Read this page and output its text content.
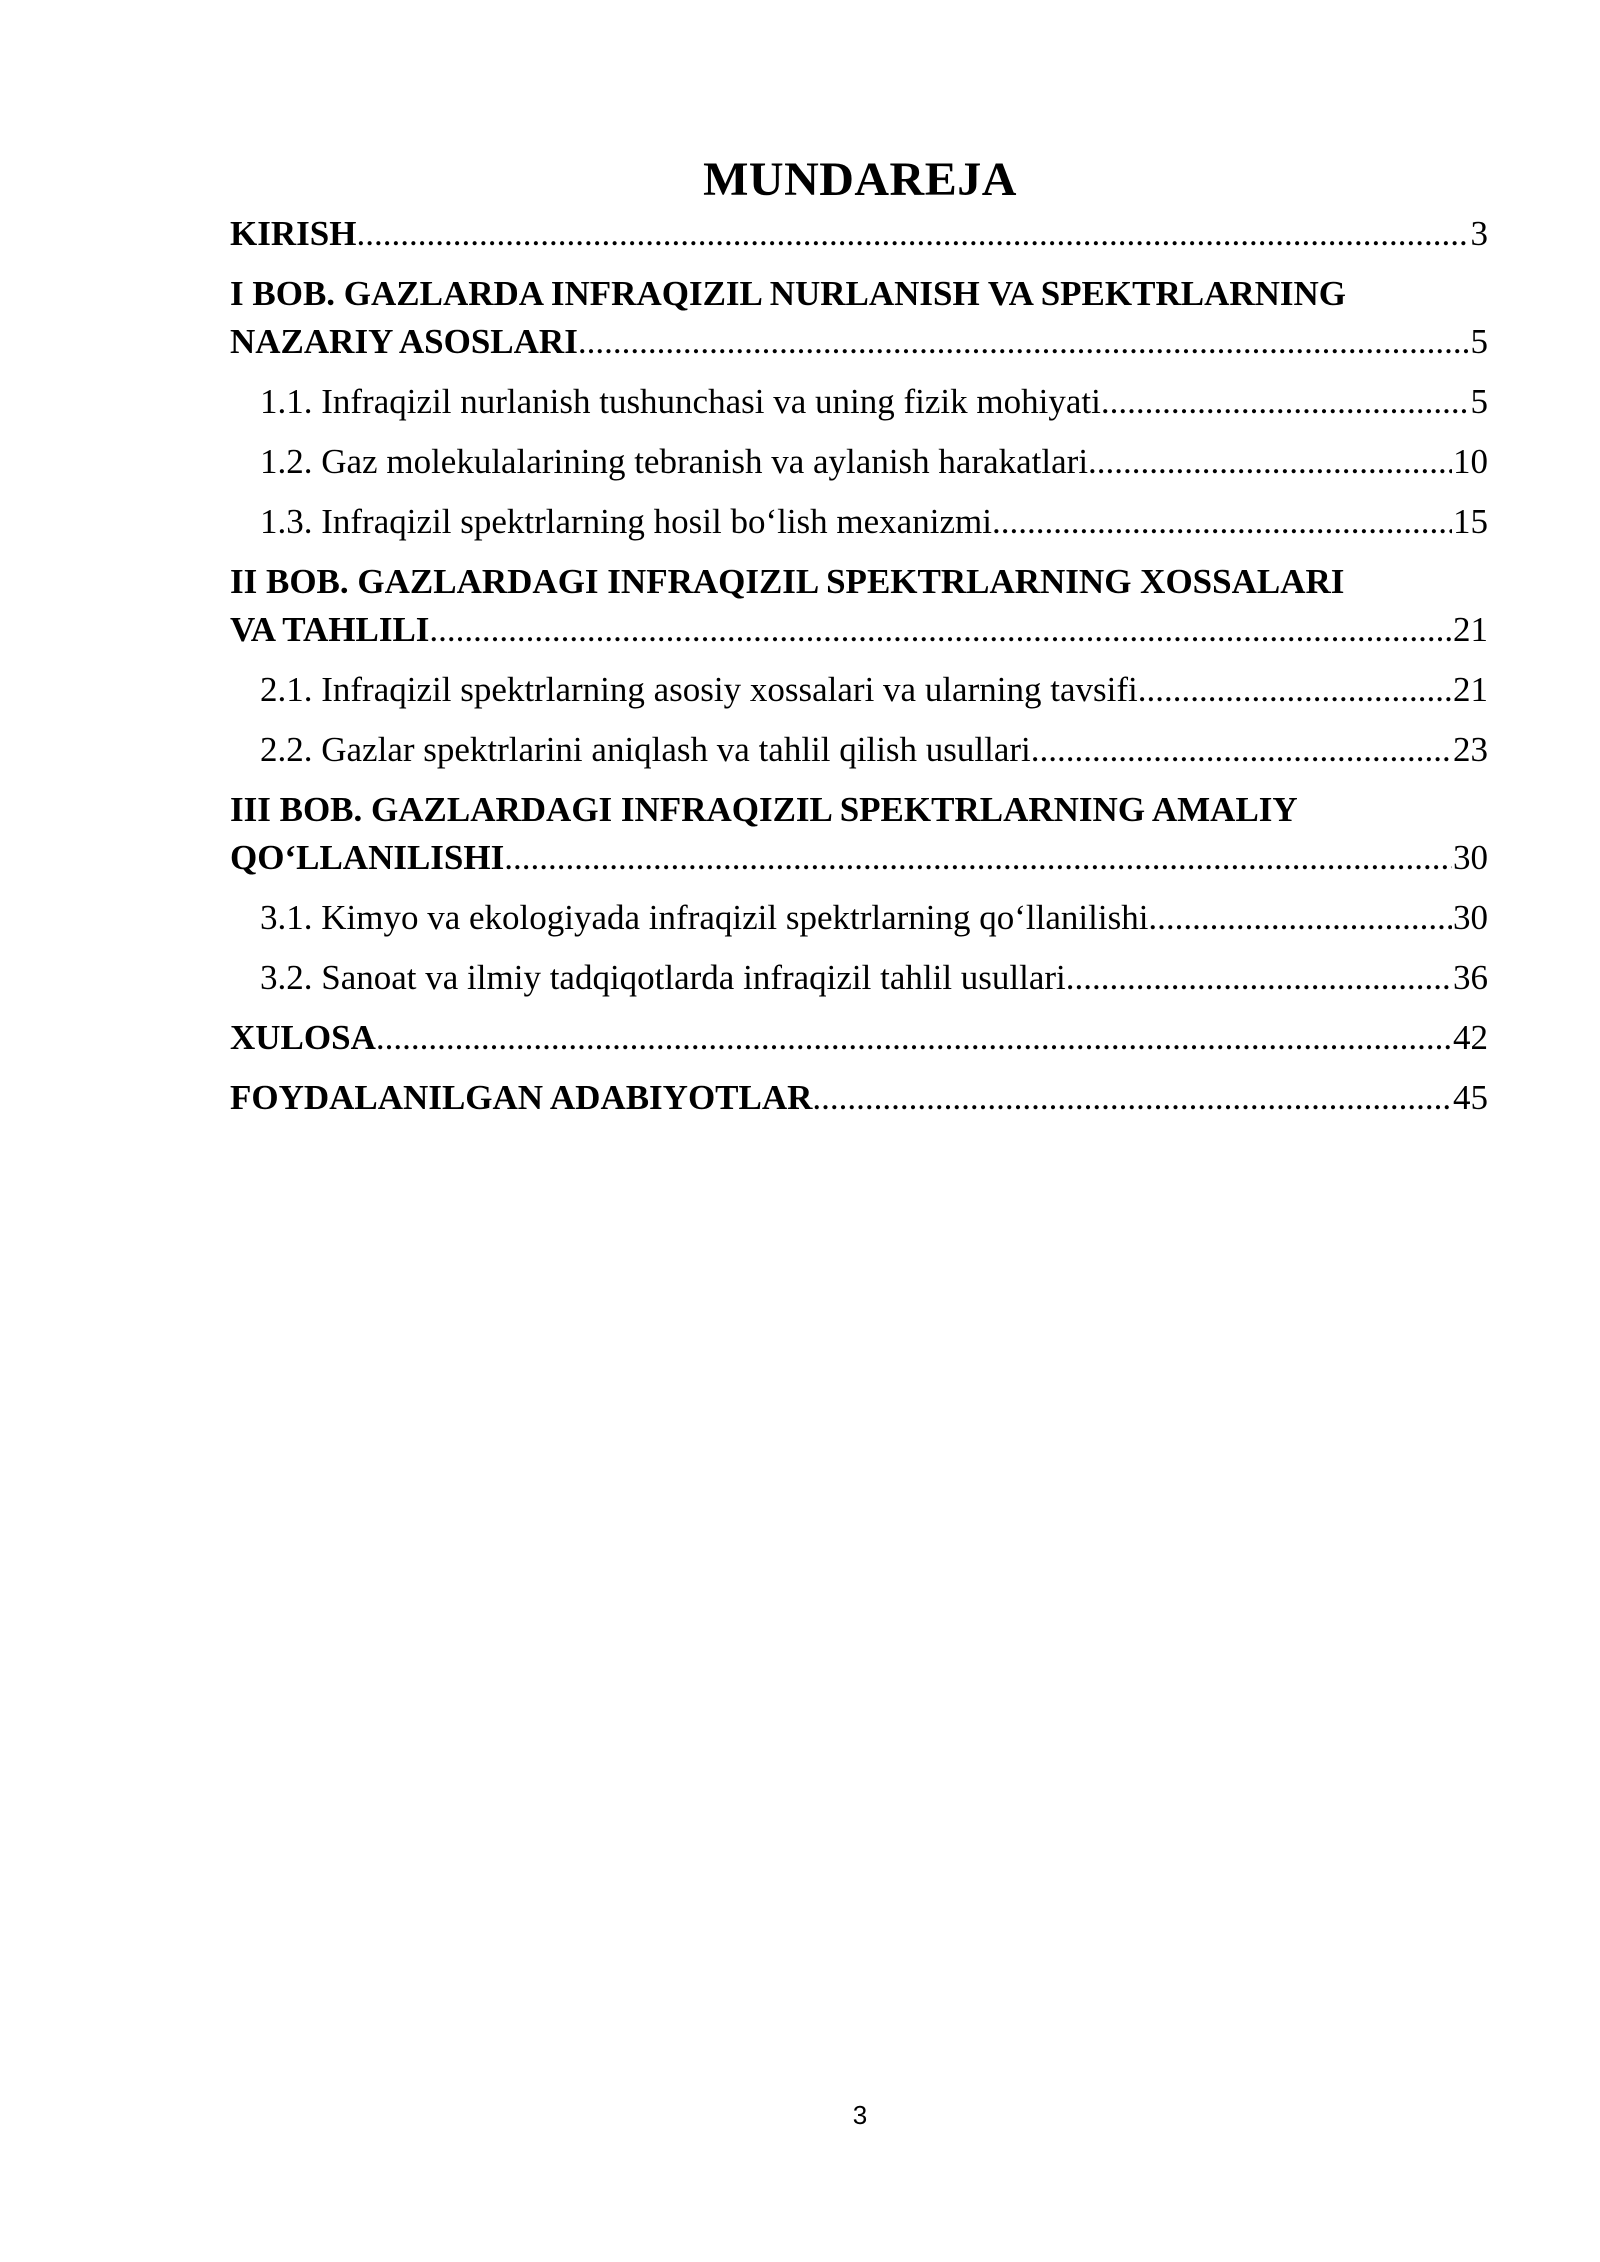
MUNDAREJA
KIRISH .....	3
I BOB. GAZLARDA INFRAQIZIL NURLANISH VA SPEKTRLARNING
NAZARIY ASOSLARI .....	5
1.1. Infraqizil nurlanish tushunchasi va uning fizik mohiyati .....	5
1.2. Gaz molekulalarining tebranish va aylanish harakatlari .....	10
1.3. Infraqizil spektrlarning hosil bo‘lish mexanizmi .....	15
II BOB. GAZLARDAGI INFRAQIZIL SPEKTRLARNING XOSSALARI
VA TAHLILI .....	21
2.1. Infraqizil spektrlarning asosiy xossalari va ularning tavsifi .....	21
2.2. Gazlar spektrlarini aniqlash va tahlil qilish usullari .....	23
III BOB. GAZLARDAGI INFRAQIZIL SPEKTRLARNING AMALIY
QO‘LLANILISHI .....	30
3.1. Kimyo va ekologiyada infraqizil spektrlarning qo‘llanilishi .....	30
3.2. Sanoat va ilmiy tadqiqotlarda infraqizil tahlil usullari .....	36
XULOSA .....	42
FOYDALANILGAN ADABIYOTLAR .....	45
3
